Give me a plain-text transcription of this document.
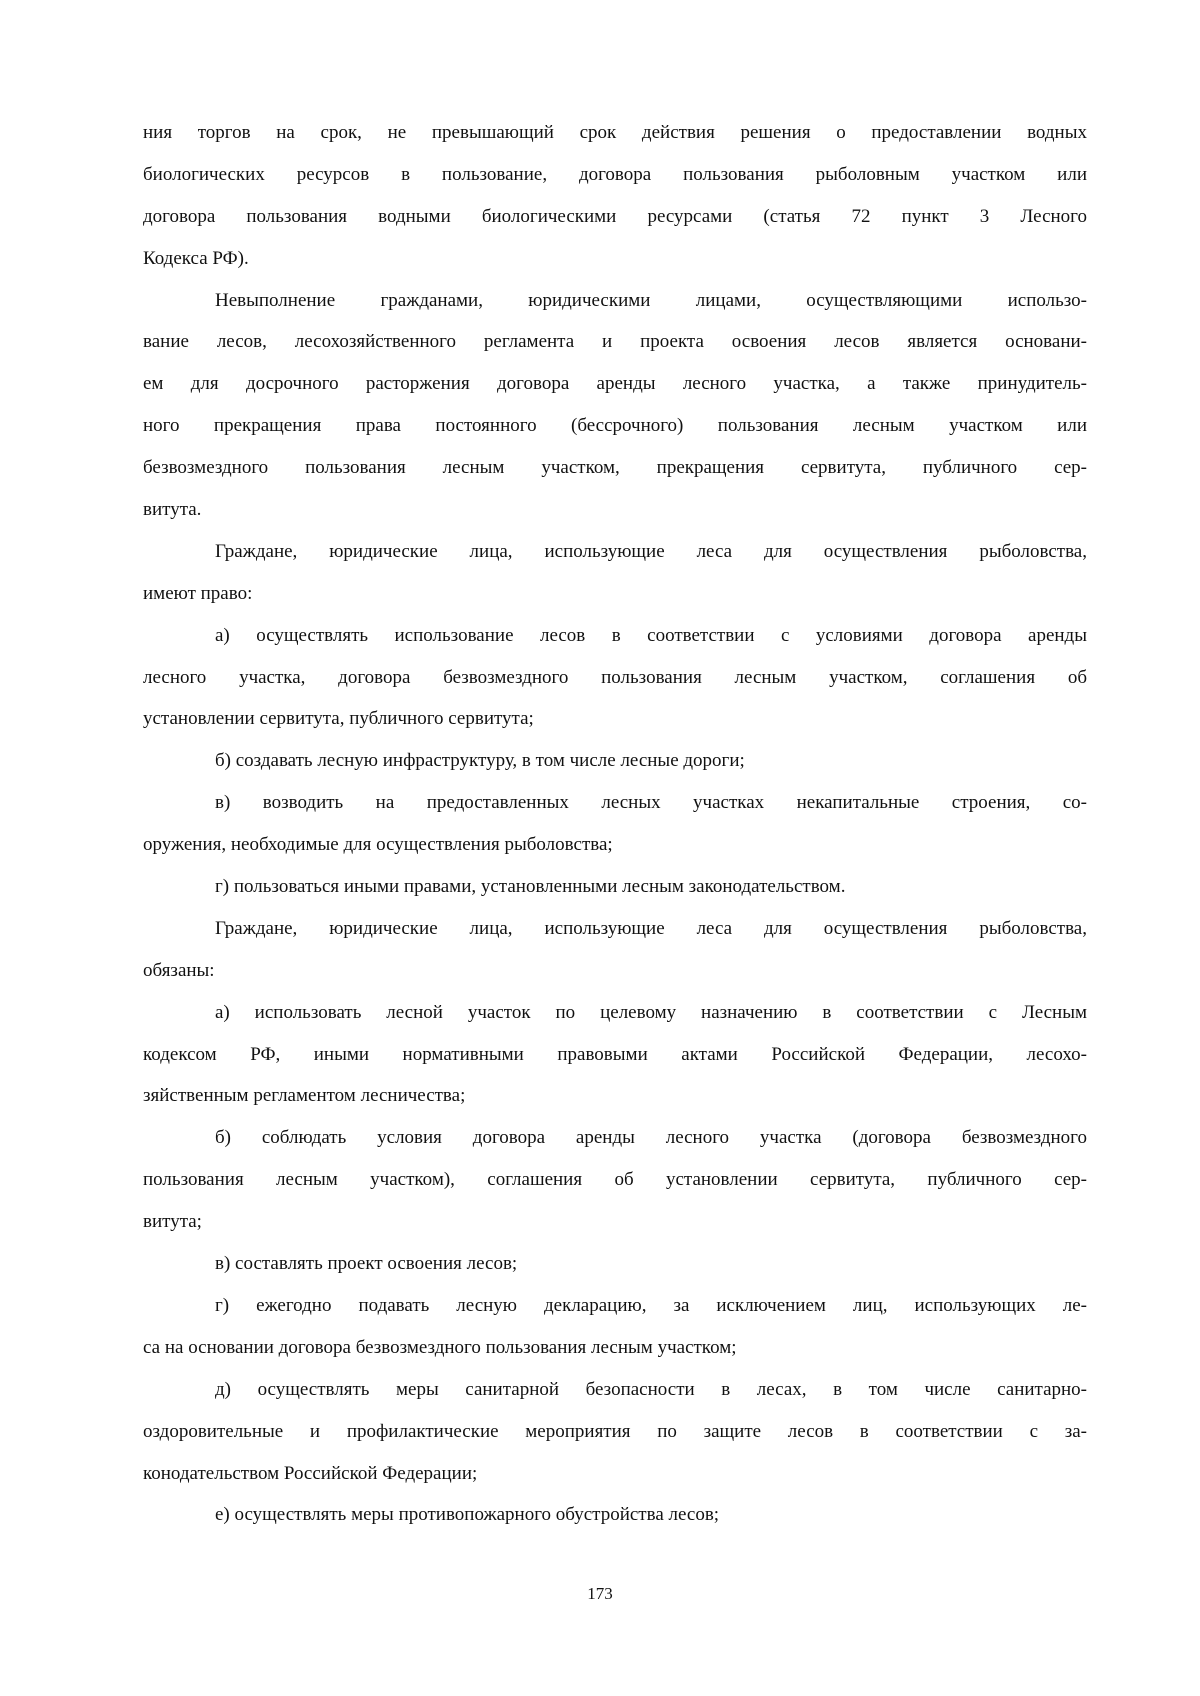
ния торгов на срок, не превышающий срок действия решения о предоставлении водных
биологических ресурсов в пользование, договора пользования рыболовным участком или
договора пользования водными биологическими ресурсами (статья 72 пункт 3 Лесного
Кодекса РФ).
Невыполнение гражданами, юридическими лицами, осуществляющими использо-
вание лесов, лесохозяйственного регламента и проекта освоения лесов является основани-
ем для досрочного расторжения договора аренды лесного участка, а также принудитель-
ного прекращения права постоянного (бессрочного) пользования лесным участком или
безвозмездного пользования лесным участком, прекращения сервитута, публичного сер-
витута.
Граждане, юридические лица, использующие леса для осуществления рыболовства,
имеют право:
а) осуществлять использование лесов в соответствии с условиями договора аренды
лесного участка, договора безвозмездного пользования лесным участком, соглашения об
установлении сервитута, публичного сервитута;
б) создавать лесную инфраструктуру, в том числе лесные дороги;
в) возводить на предоставленных лесных участках некапитальные строения, со-
оружения, необходимые для осуществления рыболовства;
г) пользоваться иными правами, установленными лесным законодательством.
Граждане, юридические лица, использующие леса для осуществления рыболовства,
обязаны:
а) использовать лесной участок по целевому назначению в соответствии с Лесным
кодексом РФ, иными нормативными правовыми актами Российской Федерации, лесохо-
зяйственным регламентом лесничества;
б) соблюдать условия договора аренды лесного участка (договора безвозмездного
пользования лесным участком), соглашения об установлении сервитута, публичного сер-
витута;
в) составлять проект освоения лесов;
г) ежегодно подавать лесную декларацию, за исключением лиц, использующих ле-
са на основании договора безвозмездного пользования лесным участком;
д) осуществлять меры санитарной безопасности в лесах, в том числе санитарно-
оздоровительные и профилактические мероприятия по защите лесов в соответствии с за-
конодательством Российской Федерации;
е) осуществлять меры противопожарного обустройства лесов;
173
